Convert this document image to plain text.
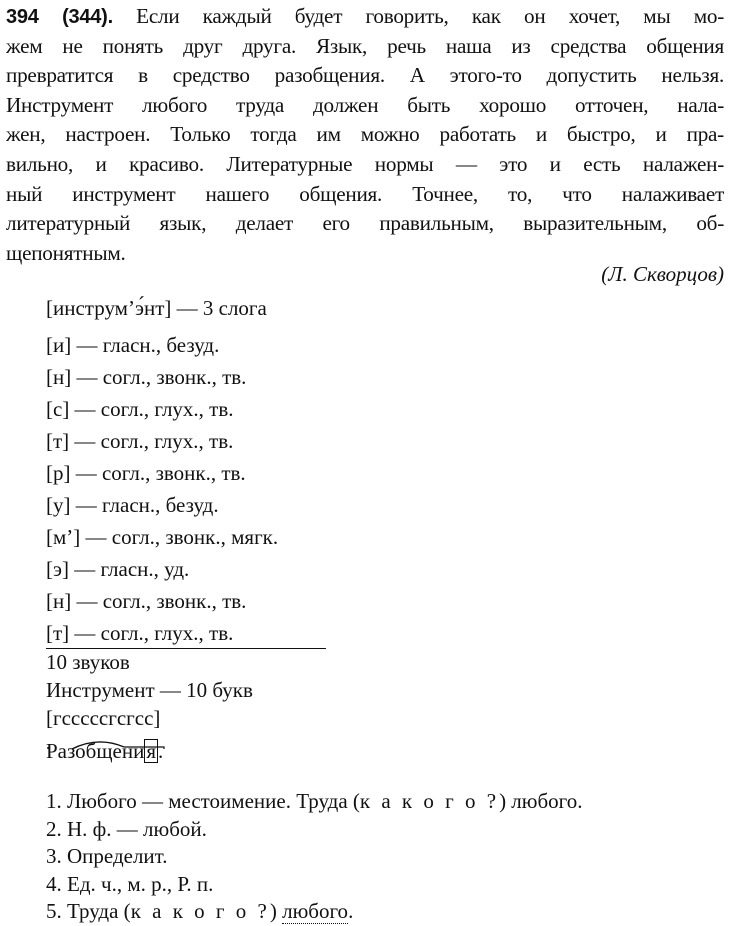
394 (344). Если каждый будет говорить, как он хочет, мы мо-
жем не понять друг друга. Язык, речь наша из средства общения
превратится в средство разобщения. А этого-то допустить нельзя.
Инструмент любого труда должен быть хорошо отточен, нала-
жен, настроен. Только тогда им можно работать и быстро, и пра-
вильно, и красиво. Литературные нормы — это и есть налажен-
ный инструмент нашего общения. Точнее, то, что налаживает
литературный язык, делает его правильным, выразительным, об-
щепонятным.
(Л. Скворцов)
[инструм’э́нт] — 3 слога
[и] — гласн., безуд.
[н] — согл., звонк., тв.
[с] — согл., глух., тв.
[т] — согл., глух., тв.
[р] — согл., звонк., тв.
[у] — гласн., безуд.
[м’] — согл., звонк., мягк.
[э] — гласн., уд.
[н] — согл., звонк., тв.
[т] — согл., глух., тв.
10 звуков
Инструмент — 10 букв
[гсссссгсгсс]
Разобщения.
1. Любого — местоимение. Труда (к а к о г о ?) любого.
2. Н. ф. — любой.
3. Определит.
4. Ед. ч., м. р., Р. п.
5. Труда (к а к о г о ?) любого.
